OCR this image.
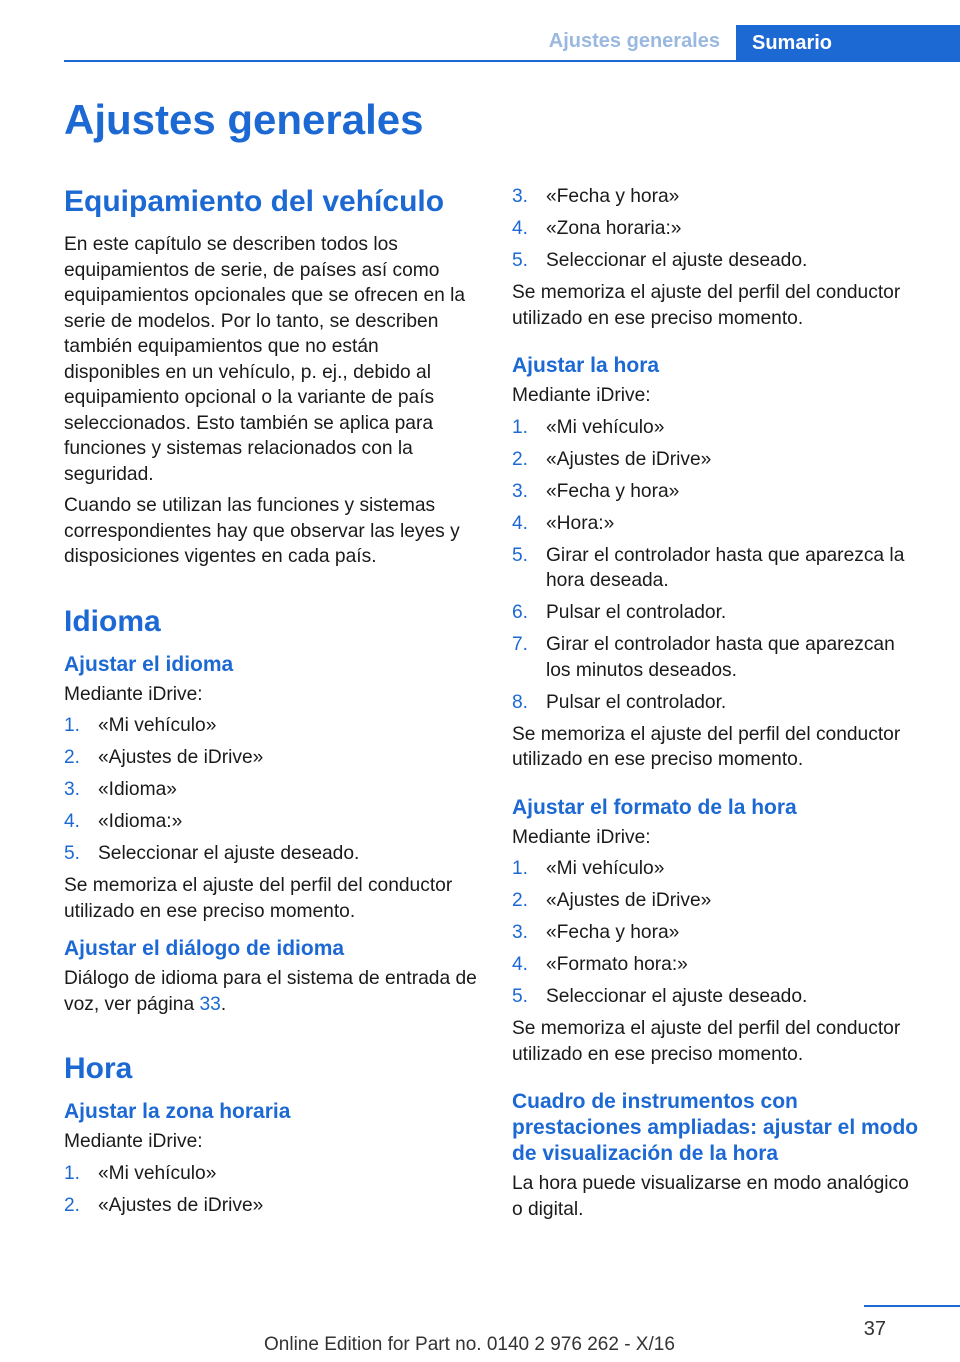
Ajustes generales	Sumario
Ajustes generales
Equipamiento del vehículo

En este capítulo se describen todos los equipamientos de serie, de países así como equipamientos opcionales que se ofrecen en la serie de modelos. Por lo tanto, se describen también equipamientos que no están disponibles en un vehículo, p. ej., debido al equipamiento opcional o la variante de país seleccionados. Esto también se aplica para funciones y sistemas relacionados con la seguridad.

Cuando se utilizan las funciones y sistemas correspondientes hay que observar las leyes y disposiciones vigentes en cada país.

Idioma
Ajustar el idioma

Mediante iDrive:

1. «Mi vehículo»
2. «Ajustes de iDrive»
3. «Idioma»
4. «Idioma:»
5. Seleccionar el ajuste deseado.

Se memoriza el ajuste del perfil del conductor utilizado en ese preciso momento.

Ajustar el diálogo de idioma

Diálogo de idioma para el sistema de entrada de voz, ver página 33.

Hora
Ajustar la zona horaria

Mediante iDrive:

1. «Mi vehículo»
2. «Ajustes de iDrive»
3. «Fecha y hora»
4. «Zona horaria:»
5. Seleccionar el ajuste deseado.

Se memoriza el ajuste del perfil del conductor utilizado en ese preciso momento.

Ajustar la hora

Mediante iDrive:

1. «Mi vehículo»
2. «Ajustes de iDrive»
3. «Fecha y hora»
4. «Hora:»
5. Girar el controlador hasta que aparezca la hora deseada.
6. Pulsar el controlador.
7. Girar el controlador hasta que aparezcan los minutos deseados.
8. Pulsar el controlador.

Se memoriza el ajuste del perfil del conductor utilizado en ese preciso momento.

Ajustar el formato de la hora

Mediante iDrive:

1. «Mi vehículo»
2. «Ajustes de iDrive»
3. «Fecha y hora»
4. «Formato hora:»
5. Seleccionar el ajuste deseado.

Se memoriza el ajuste del perfil del conductor utilizado en ese preciso momento.

Cuadro de instrumentos con prestaciones ampliadas: ajustar el modo de visualización de la hora

La hora puede visualizarse en modo analógico o digital.

37
Online Edition for Part no. 0140 2 976 262 - X/16
